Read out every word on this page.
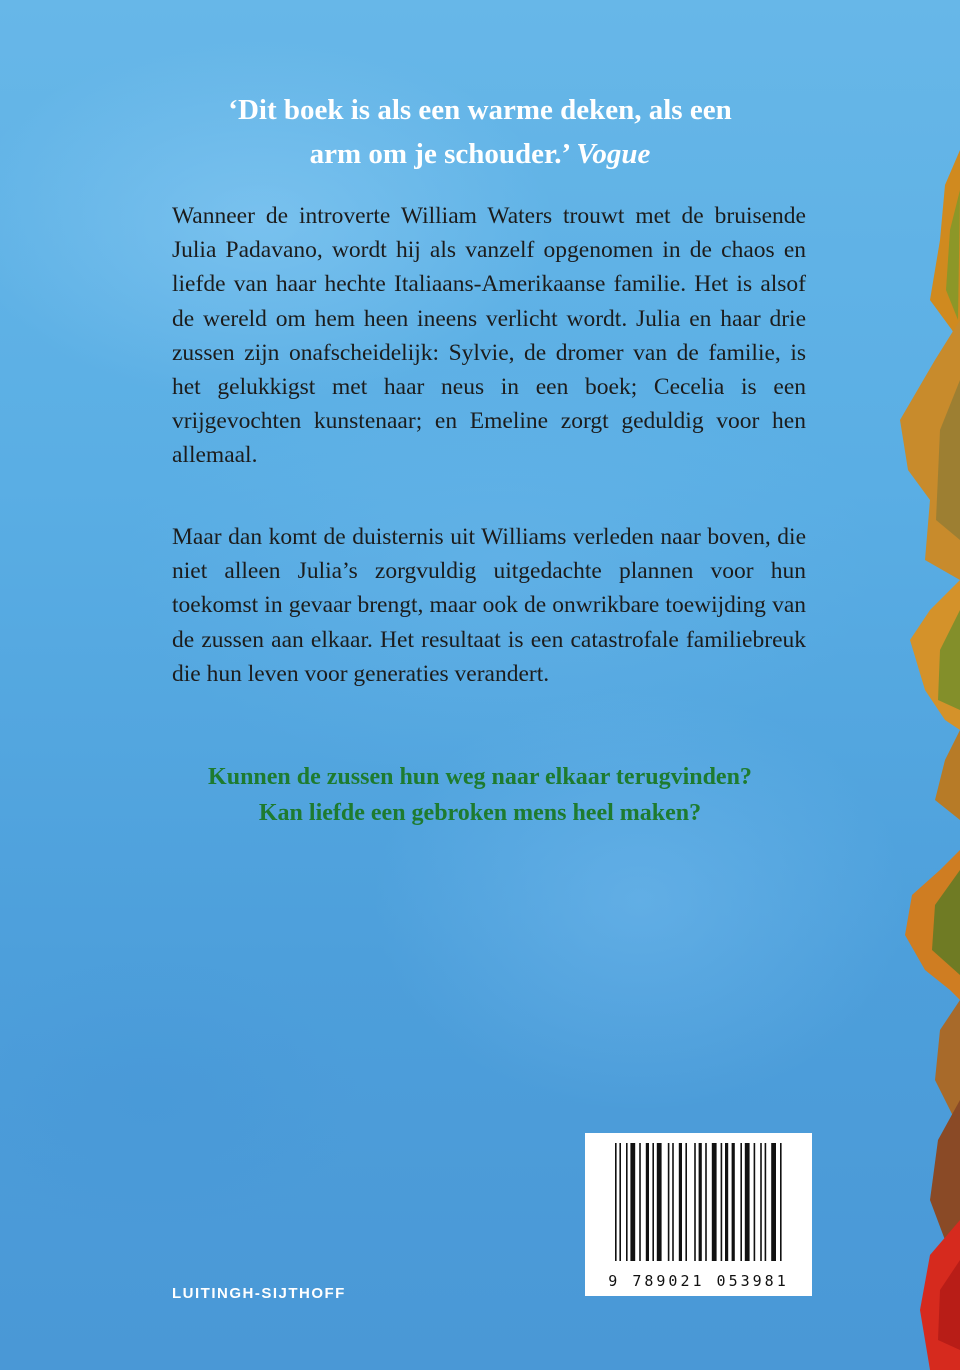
‘Dit boek is als een warme deken, als een
arm om je schouder.’ Vogue

Wanneer de introverte William Waters trouwt met de bruisende Julia Padavano, wordt hij als vanzelf opgenomen in de chaos en liefde van haar hechte Italiaans-Amerikaanse familie. Het is alsof de wereld om hem heen ineens verlicht wordt. Julia en haar drie zussen zijn onafscheidelijk: Sylvie, de dromer van de familie, is het gelukkigst met haar neus in een boek; Cecelia is een vrijgevochten kunstenaar; en Emeline zorgt geduldig voor hen allemaal.

Maar dan komt de duisternis uit Williams verleden naar boven, die niet alleen Julia’s zorgvuldig uitgedachte plannen voor hun toekomst in gevaar brengt, maar ook de onwrikbare toewijding van de zussen aan elkaar. Het resultaat is een catastrofale familiebreuk die hun leven voor generaties verandert.

Kunnen de zussen hun weg naar elkaar terugvinden?
Kan liefde een gebroken mens heel maken?
9 789021 053981
LUITINGH-SIJTHOFF
